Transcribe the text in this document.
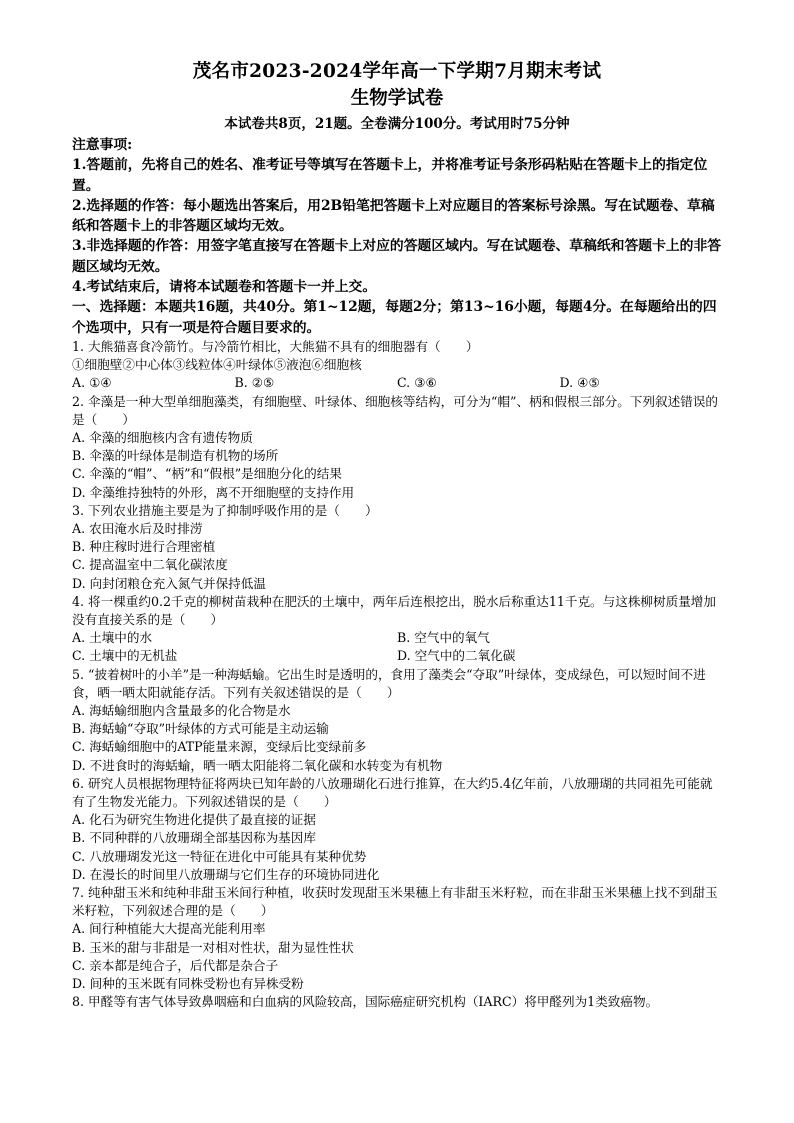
茂名市2023-2024学年高一下学期7月期末考试
生物学试卷
本试卷共8页，21题。全卷满分100分。考试用时75分钟
注意事项:
1.答题前，先将自己的姓名、准考证号等填写在答题卡上，并将准考证号条形码粘贴在答题卡上的指定位置。
2.选择题的作答：每小题选出答案后，用2B铅笔把答题卡上对应题目的答案标号涂黑。写在试题卷、草稿纸和答题卡上的非答题区域均无效。
3.非选择题的作答：用签字笔直接写在答题卡上对应的答题区域内。写在试题卷、草稿纸和答题卡上的非答题区域均无效。
4.考试结束后，请将本试题卷和答题卡一并上交。
一、选择题：本题共16题，共40分。第1~12题，每题2分；第13~16小题，每题4分。在每题给出的四个选项中，只有一项是符合题目要求的。
1. 大熊猫喜食冷箭竹。与冷箭竹相比，大熊猫不具有的细胞器有（　　）
①细胞壁②中心体③线粒体④叶绿体⑤液泡⑥细胞核
A. ①④	B. ②⑤	C. ③⑥	D. ④⑤
2. 伞藻是一种大型单细胞藻类，有细胞壁、叶绿体、细胞核等结构，可分为“帽”、柄和假根三部分。下列叙述错误的是（　　）
A. 伞藻的细胞核内含有遗传物质
B. 伞藻的叶绿体是制造有机物的场所
C. 伞藻的“帽”、“柄”和“假根”是细胞分化的结果
D. 伞藻维持独特的外形，离不开细胞壁的支持作用
3. 下列农业措施主要是为了抑制呼吸作用的是（　　）
A. 农田淹水后及时排涝
B. 种庄稼时进行合理密植
C. 提高温室中二氧化碳浓度
D. 向封闭粮仓充入氮气并保持低温
4. 将一棵重约0.2千克的柳树苗栽种在肥沃的土壤中，两年后连根挖出，脱水后称重达11千克。与这株柳树质量增加没有直接关系的是（　　）
A. 土壤中的水	B. 空气中的氧气
C. 土壤中的无机盐	D. 空气中的二氧化碳
5. “披着树叶的小羊”是一种海蛞蝓。它出生时是透明的，食用了藻类会“夺取”叶绿体，变成绿色，可以短时间不进食，晒一晒太阳就能存活。下列有关叙述错误的是（　　）
A. 海蛞蝓细胞内含量最多的化合物是水
B. 海蛞蝓“夺取”叶绿体的方式可能是主动运输
C. 海蛞蝓细胞中的ATP能量来源，变绿后比变绿前多
D. 不进食时的海蛞蝓，晒一晒太阳能将二氧化碳和水转变为有机物
6. 研究人员根据物理特征将两块已知年龄的八放珊瑚化石进行推算，在大约5.4亿年前，八放珊瑚的共同祖先可能就有了生物发光能力。下列叙述错误的是（　　）
A. 化石为研究生物进化提供了最直接的证据
B. 不同种群的八放珊瑚全部基因称为基因库
C. 八放珊瑚发光这一特征在进化中可能具有某种优势
D. 在漫长的时间里八放珊瑚与它们生存的环境协同进化
7. 纯种甜玉米和纯种非甜玉米间行种植，收获时发现甜玉米果穗上有非甜玉米籽粒，而在非甜玉米果穗上找不到甜玉米籽粒，下列叙述合理的是（　　）
A. 间行种植能大大提高光能利用率
B. 玉米的甜与非甜是一对相对性状，甜为显性性状
C. 亲本都是纯合子，后代都是杂合子
D. 间种的玉米既有同株受粉也有异株受粉
8. 甲醛等有害气体导致鼻咽癌和白血病的风险较高，国际癌症研究机构（IARC）将甲醛列为1类致癌物。
